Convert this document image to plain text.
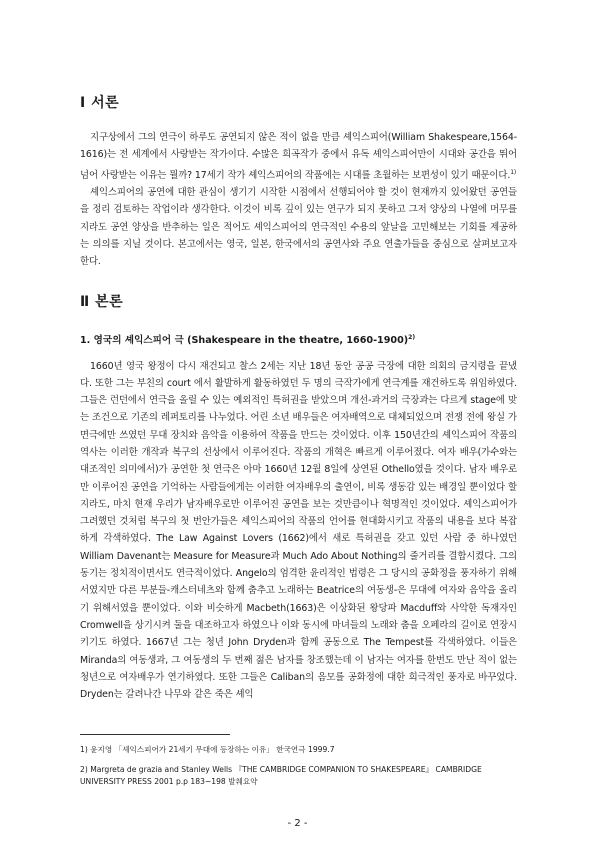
Ⅰ 서론

지구상에서 그의 연극이 하루도 공연되지 않은 적이 없을 만큼 셰익스피어(William Shakespeare,1564-1616)는 전 세계에서 사랑받는 작가이다. 수많은 희곡작가 중에서 유독 셰익스피어만이 시대와 공간을 뛰어넘어 사랑받는 이유는 뭘까? 17세기 작가 셰익스피어의 작품에는 시대를 초월하는 보편성이 있기 때문이다.$^{1)}$

셰익스피어의 공연에 대한 관심이 생기기 시작한 시점에서 선행되어야 할 것이 현재까지 있어왔던 공연들을 정리 검토하는 작업이라 생각한다. 이것이 비록 깊이 있는 연구가 되지 못하고 그저 양상의 나열에 머무를지라도 공연 양상을 반추하는 일은 적어도 셰익스피어의 연극적인 수용의 앞날을 고민해보는 기회를 제공하는 의의를 지닐 것이다. 본고에서는 영국, 일본, 한국에서의 공연사와 주요 연출가들을 중심으로 살펴보고자 한다.

Ⅱ 본론
1. 영국의 셰익스피어 극 (Shakespeare in the theatre, 1660-1900)$^{2)}$

1660년 영국 왕정이 다시 재건되고 찰스 2세는 지난 18년 동안 공공 극장에 대한 의회의 금지령을 끝냈다. 또한 그는 부친의 court 에서 활발하게 활동하였던 두 명의 극작가에게 연극계를 재건하도록 위임하였다. 그들은 런던에서 연극을 올릴 수 있는 예외적인 특허권을 받았으며 개선-과거의 극장과는 다르게 stage에 맞는 조건으로 기존의 레퍼토리를 나누었다. 어린 소년 배우들은 여자배역으로 대체되었으며 전쟁 전에 왕실 가면극에만 쓰였던 무대 장치와 음악을 이용하여 작품을 만드는 것이었다. 이후 150년간의 셰익스피어 작품의 역사는 이러한 개작과 복구의 선상에서 이루어진다. 작품의 개혁은 빠르게 이루어졌다. 여자 배우(가수와는 대조적인 의미에서)가 공연한 첫 연극은 아마 1660년 12월 8일에 상연된 Othello였을 것이다. 남자 배우로만 이루어진 공연을 기억하는 사람들에게는 이러한 여자배우의 출연이, 비록 생동감 있는 배경일 뿐이었다 할지라도, 마치 현재 우리가 남자배우로만 이루어진 공연을 보는 것만큼이나 혁명적인 것이었다. 셰익스피어가 그려했던 것처럼 복구의 첫 번안가들은 셰익스피어의 작품의 언어를 현대화시키고 작품의 내용을 보다 복잡하게 각색하였다. The Law Against Lovers (1662)에서 새로 특허권을 갖고 있던 사람 중 하나였던 William Davenant는 Measure for Measure과 Much Ado About Nothing의 줄거리를 결합시켰다. 그의 동기는 정치적이면서도 연극적이었다. Angelo의 엄격한 윤리적인 법령은 그 당시의 공화정을 풍자하기 위해서였지만 다른 부분들-캐스터네츠와 함께 춤추고 노래하는 Beatrice의 여동생-은 무대에 여자와 음악을 올리기 위해서였을 뿐이었다. 이와 비슷하게 Macbeth(1663)은 이상화된 왕당파 Macduff와 사악한 독재자인 Cromwell을 상기시켜 둘을 대조하고자 하였으나 이와 동시에 마녀들의 노래와 춤을 오페라의 길이로 연장시키기도 하였다. 1667년 그는 청년 John Dryden과 함께 공동으로 The Tempest를 각색하였다. 이들은 Miranda의 여동생과, 그 여동생의 두 번째 젊은 남자를 창조했는데 이 남자는 여자를 한번도 만난 적이 없는 청년으로 여자배우가 연기하였다. 또한 그들은 Caliban의 음모를 공화정에 대한 희극적인 풍자로 바꾸었다. Dryden는 갈려나간 나무와 같은 죽은 셰익

1) 윤지영 「셰익스피어가 21세기 무대에 등장하는 이유」 한국연극 1999.7
2) Margreta de grazia and Stanley Wells 『THE CAMBRIDGE COMPANION TO SHAKESPEARE』 CAMBRIDGE UNIVERSITY PRESS 2001 p.p 183~198 발췌요약
- 2 -
